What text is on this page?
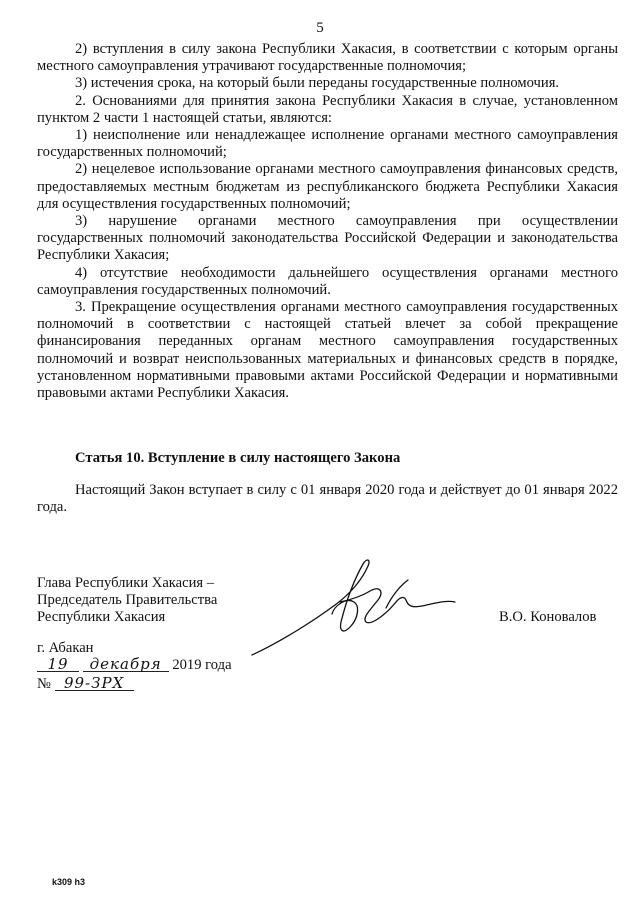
5

2) вступления в силу закона Республики Хакасия, в соответствии с которым органы местного самоуправления утрачивают государственные полномочия;

3) истечения срока, на который были переданы государственные полномочия.

2. Основаниями для принятия закона Республики Хакасия в случае, установленном пунктом 2 части 1 настоящей статьи, являются:

1) неисполнение или ненадлежащее исполнение органами местного самоуправления государственных полномочий;

2) нецелевое использование органами местного самоуправления финансовых средств, предоставляемых местным бюджетам из республиканского бюджета Республики Хакасия для осуществления государственных полномочий;

3) нарушение органами местного самоуправления при осуществлении государственных полномочий законодательства Российской Федерации и законодательства Республики Хакасия;

4) отсутствие необходимости дальнейшего осуществления органами местного самоуправления государственных полномочий.

3. Прекращение осуществления органами местного самоуправления государственных полномочий в соответствии с настоящей статьей влечет за собой прекращение финансирования переданных органам местного самоуправления государственных полномочий и возврат неиспользованных материальных и финансовых средств в порядке, установленном нормативными правовыми актами Российской Федерации и нормативными правовыми актами Республики Хакасия.

Статья 10. Вступление в силу настоящего Закона
Настоящий Закон вступает в силу с 01 января 2020 года и действует до 01 января 2022 года.
Глава Республики Хакасия –
Председатель Правительства
Республики Хакасия	В.О. Коновалов
г. Абакан
19 декабря 2019 года
№ 99-ЗРХ
k309 h3
